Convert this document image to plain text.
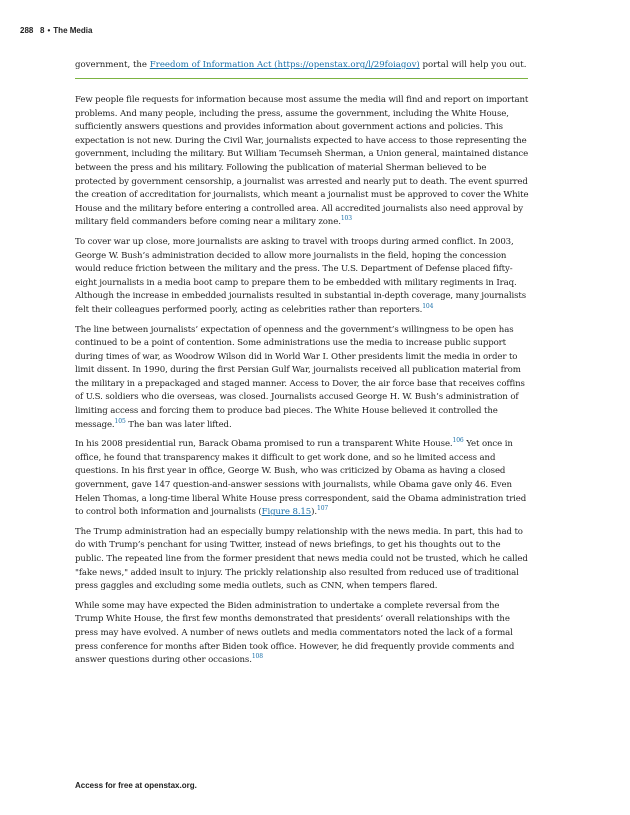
288 8 • The Media
government, the Freedom of Information Act (https://openstax.org/l/29foiagov) portal will help you out.

Few people file requests for information because most assume the media will find and report on important problems. And many people, including the press, assume the government, including the White House, sufficiently answers questions and provides information about government actions and policies. This expectation is not new. During the Civil War, journalists expected to have access to those representing the government, including the military. But William Tecumseh Sherman, a Union general, maintained distance between the press and his military. Following the publication of material Sherman believed to be protected by government censorship, a journalist was arrested and nearly put to death. The event spurred the creation of accreditation for journalists, which meant a journalist must be approved to cover the White House and the military before entering a controlled area. All accredited journalists also need approval by military field commanders before coming near a military zone.$^{103}$

To cover war up close, more journalists are asking to travel with troops during armed conflict. In 2003, George W. Bush’s administration decided to allow more journalists in the field, hoping the concession would reduce friction between the military and the press. The U.S. Department of Defense placed fifty-eight journalists in a media boot camp to prepare them to be embedded with military regiments in Iraq. Although the increase in embedded journalists resulted in substantial in-depth coverage, many journalists felt their colleagues performed poorly, acting as celebrities rather than reporters.$^{104}$

The line between journalists’ expectation of openness and the government’s willingness to be open has continued to be a point of contention. Some administrations use the media to increase public support during times of war, as Woodrow Wilson did in World War I. Other presidents limit the media in order to limit dissent. In 1990, during the first Persian Gulf War, journalists received all publication material from the military in a prepackaged and staged manner. Access to Dover, the air force base that receives coffins of U.S. soldiers who die overseas, was closed. Journalists accused George H. W. Bush’s administration of limiting access and forcing them to produce bad pieces. The White House believed it controlled the message.$^{105}$ The ban was later lifted.

In his 2008 presidential run, Barack Obama promised to run a transparent White House.$^{106}$ Yet once in office, he found that transparency makes it difficult to get work done, and so he limited access and questions. In his first year in office, George W. Bush, who was criticized by Obama as having a closed government, gave 147 question-and-answer sessions with journalists, while Obama gave only 46. Even Helen Thomas, a long-time liberal White House press correspondent, said the Obama administration tried to control both information and journalists (Figure 8.15).$^{107}$

The Trump administration had an especially bumpy relationship with the news media. In part, this had to do with Trump’s penchant for using Twitter, instead of news briefings, to get his thoughts out to the public. The repeated line from the former president that news media could not be trusted, which he called "fake news," added insult to injury. The prickly relationship also resulted from reduced use of traditional press gaggles and excluding some media outlets, such as CNN, when tempers flared.

While some may have expected the Biden administration to undertake a complete reversal from the Trump White House, the first few months demonstrated that presidents’ overall relationships with the press may have evolved. A number of news outlets and media commentators noted the lack of a formal press conference for months after Biden took office. However, he did frequently provide comments and answer questions during other occasions.$^{108}$

Access for free at openstax.org.
